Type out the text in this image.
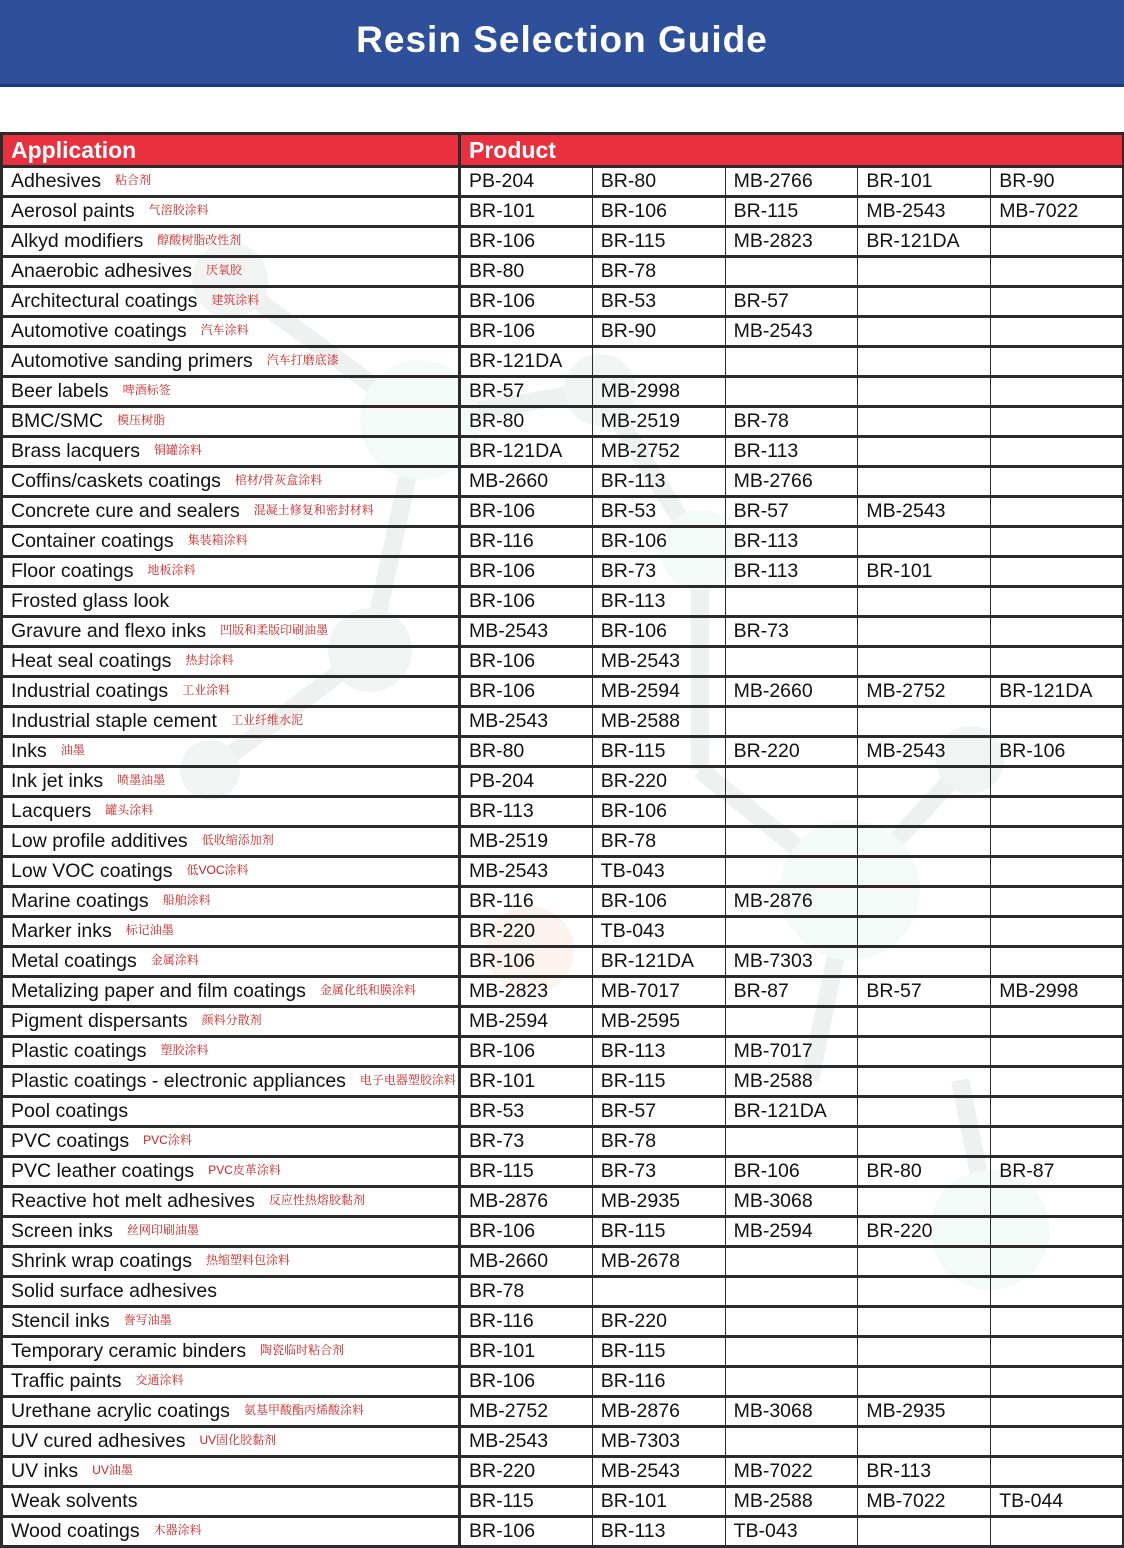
Resin Selection Guide
Application	Product				
Adhesives 粘合剂	PB-204	BR-80	MB-2766	BR-101	BR-90
Aerosol paints 气溶胶涂料	BR-101	BR-106	BR-115	MB-2543	MB-7022
Alkyd modifiers 醇酸树脂改性剂	BR-106	BR-115	MB-2823	BR-121DA	
Anaerobic adhesives 厌氧胶	BR-80	BR-78			
Architectural coatings 建筑涂料	BR-106	BR-53	BR-57		
Automotive coatings 汽车涂料	BR-106	BR-90	MB-2543		
Automotive sanding primers 汽车打磨底漆	BR-121DA				
Beer labels 啤酒标签	BR-57	MB-2998			
BMC/SMC 模压树脂	BR-80	MB-2519	BR-78		
Brass lacquers 铜罐涂料	BR-121DA	MB-2752	BR-113		
Coffins/caskets coatings 棺材/骨灰盒涂料	MB-2660	BR-113	MB-2766		
Concrete cure and sealers 混凝土修复和密封材料	BR-106	BR-53	BR-57	MB-2543	
Container coatings 集装箱涂料	BR-116	BR-106	BR-113		
Floor coatings 地板涂料	BR-106	BR-73	BR-113	BR-101	
Frosted glass look	BR-106	BR-113			
Gravure and flexo inks 凹版和柔版印刷油墨	MB-2543	BR-106	BR-73		
Heat seal coatings 热封涂料	BR-106	MB-2543			
Industrial coatings 工业涂料	BR-106	MB-2594	MB-2660	MB-2752	BR-121DA
Industrial staple cement 工业纤维水泥	MB-2543	MB-2588			
Inks 油墨	BR-80	BR-115	BR-220	MB-2543	BR-106
Ink jet inks 喷墨油墨	PB-204	BR-220			
Lacquers 罐头涂料	BR-113	BR-106			
Low profile additives 低收缩添加剂	MB-2519	BR-78			
Low VOC coatings 低VOC涂料	MB-2543	TB-043			
Marine coatings 船舶涂料	BR-116	BR-106	MB-2876		
Marker inks 标记油墨	BR-220	TB-043			
Metal coatings 金属涂料	BR-106	BR-121DA	MB-7303		
Metalizing paper and film coatings 金属化纸和膜涂料	MB-2823	MB-7017	BR-87	BR-57	MB-2998
Pigment dispersants 颜料分散剂	MB-2594	MB-2595			
Plastic coatings 塑胶涂料	BR-106	BR-113	MB-7017		
Plastic coatings - electronic appliances 电子电器塑胶涂料	BR-101	BR-115	MB-2588		
Pool coatings	BR-53	BR-57	BR-121DA		
PVC coatings PVC涂料	BR-73	BR-78			
PVC leather coatings PVC皮革涂料	BR-115	BR-73	BR-106	BR-80	BR-87
Reactive hot melt adhesives 反应性热熔胶黏剂	MB-2876	MB-2935	MB-3068		
Screen inks 丝网印刷油墨	BR-106	BR-115	MB-2594	BR-220	
Shrink wrap coatings 热缩塑料包涂料	MB-2660	MB-2678			
Solid surface adhesives	BR-78				
Stencil inks 誊写油墨	BR-116	BR-220			
Temporary ceramic binders 陶瓷临时粘合剂	BR-101	BR-115			
Traffic paints 交通涂料	BR-106	BR-116			
Urethane acrylic coatings 氨基甲酸酯丙烯酸涂料	MB-2752	MB-2876	MB-3068	MB-2935	
UV cured adhesives UV固化胶黏剂	MB-2543	MB-7303			
UV inks UV油墨	BR-220	MB-2543	MB-7022	BR-113	
Weak solvents	BR-115	BR-101	MB-2588	MB-7022	TB-044
Wood coatings 木器涂料	BR-106	BR-113	TB-043		
